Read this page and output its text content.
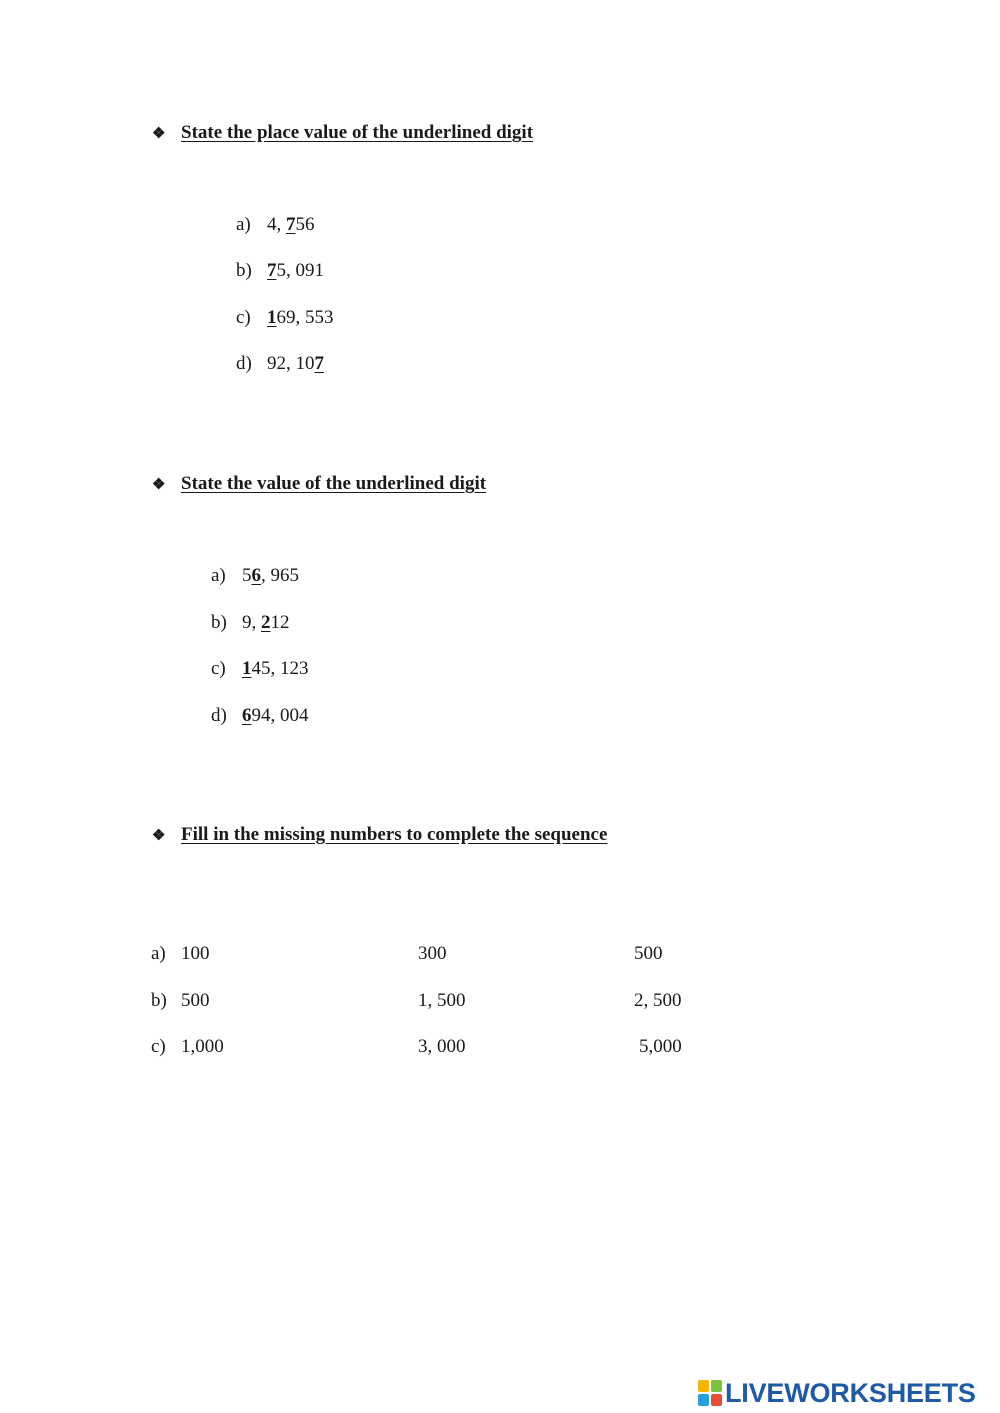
❖ State the place value of the underlined digit
a) 4, 756
b) 75, 091
c) 169, 553
d) 92, 107
❖ State the value of the underlined digit
a) 56, 965
b) 9, 212
c) 145, 123
d) 694, 004
❖ Fill in the missing numbers to complete the sequence
a) 100	300	500
b) 500	1, 500	2, 500
c) 1,000	3, 000	5,000
LIVEWORKSHEETS
